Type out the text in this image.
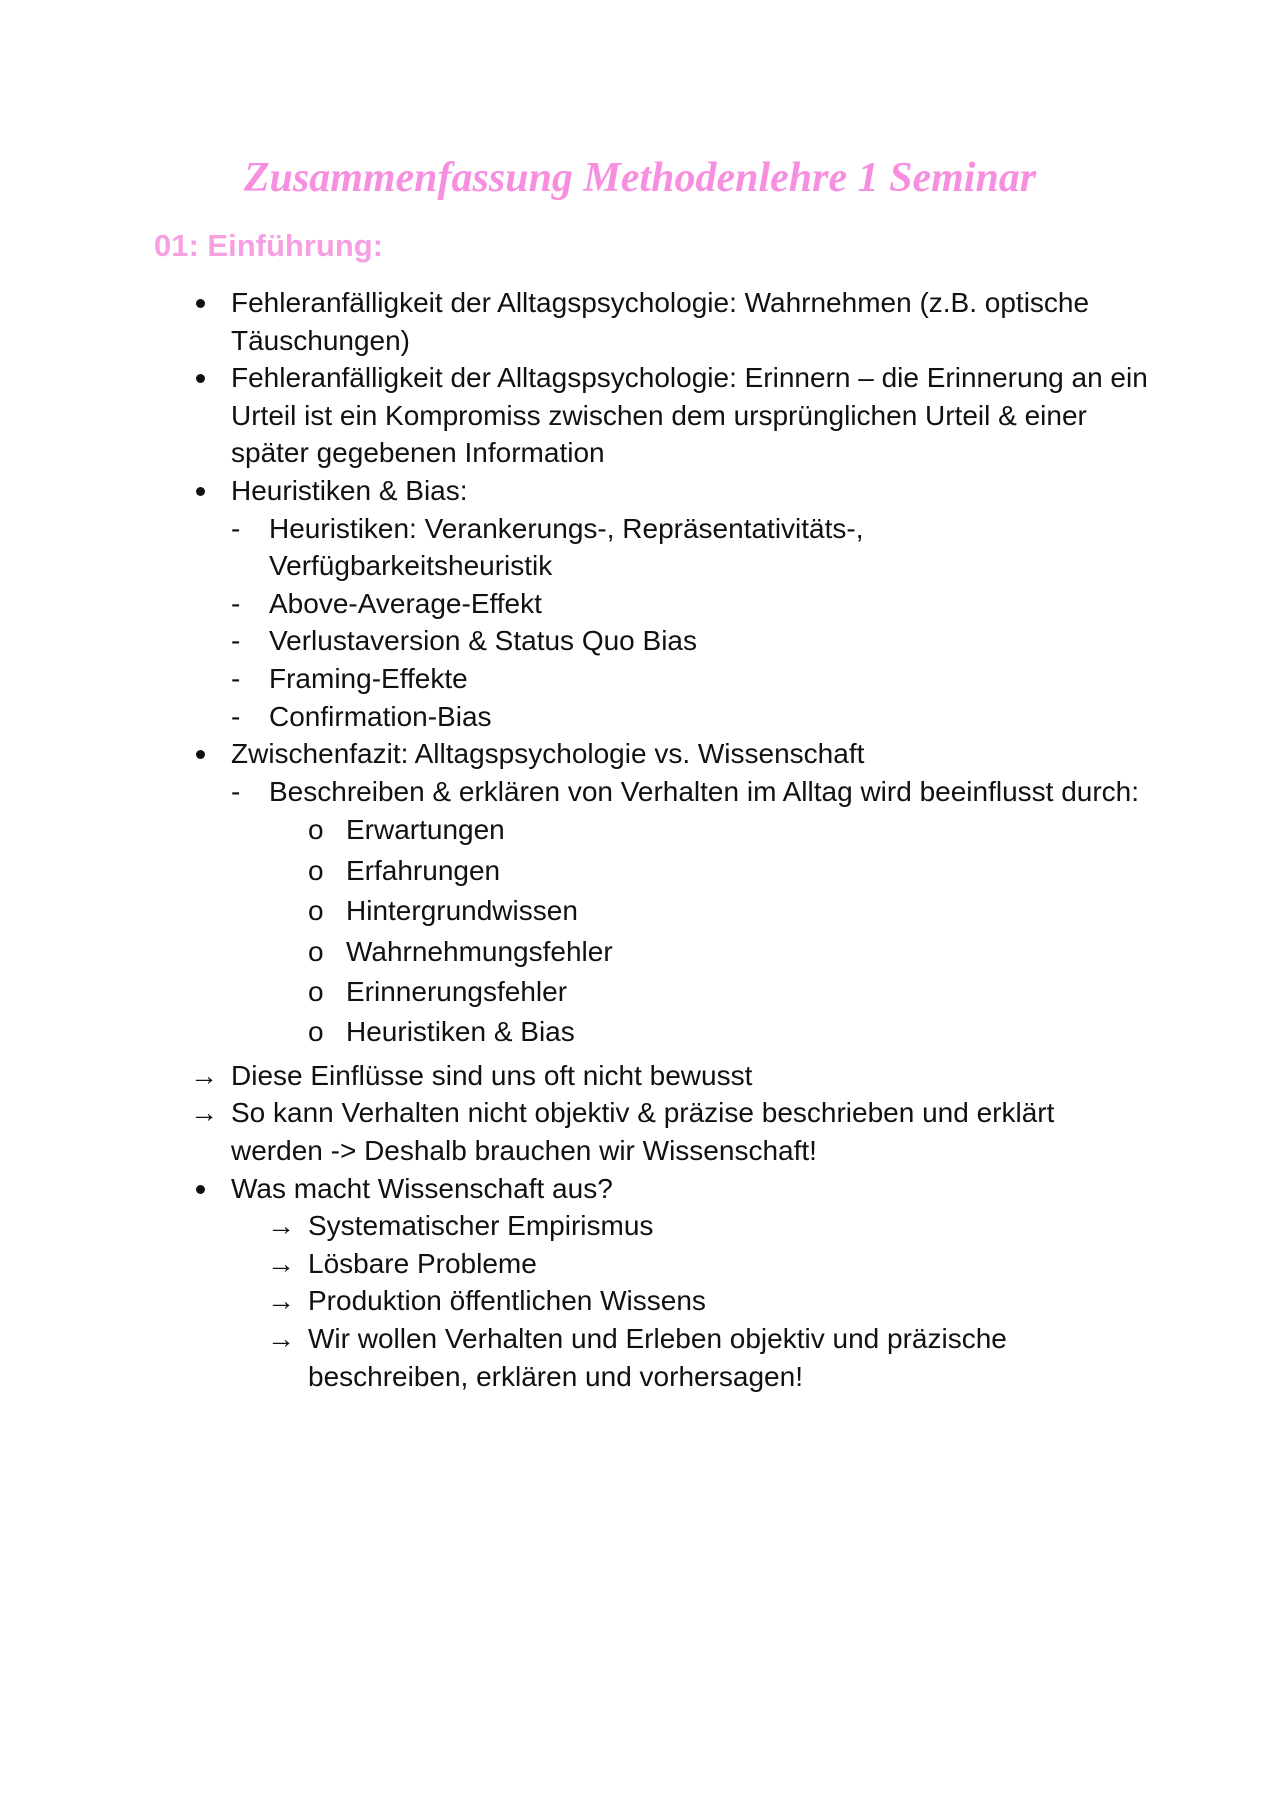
Zusammenfassung Methodenlehre 1 Seminar
01: Einführung:
Fehleranfälligkeit der Alltagspsychologie: Wahrnehmen (z.B. optische Täuschungen)
Fehleranfälligkeit der Alltagspsychologie: Erinnern – die Erinnerung an ein Urteil ist ein Kompromiss zwischen dem ursprünglichen Urteil & einer später gegebenen Information
Heuristiken & Bias:
- Heuristiken: Verankerungs-, Repräsentativitäts-, Verfügbarkeitsheuristik
- Above-Average-Effekt
- Verlustaversion & Status Quo Bias
- Framing-Effekte
- Confirmation-Bias
Zwischenfazit: Alltagspsychologie vs. Wissenschaft
- Beschreiben & erklären von Verhalten im Alltag wird beeinflusst durch:
o Erwartungen
o Erfahrungen
o Hintergrundwissen
o Wahrnehmungsfehler
o Erinnerungsfehler
o Heuristiken & Bias
→ Diese Einflüsse sind uns oft nicht bewusst
→ So kann Verhalten nicht objektiv & präzise beschrieben und erklärt werden -> Deshalb brauchen wir Wissenschaft!
Was macht Wissenschaft aus?
→ Systematischer Empirismus
→ Lösbare Probleme
→ Produktion öffentlichen Wissens
→ Wir wollen Verhalten und Erleben objektiv und präzische beschreiben, erklären und vorhersagen!
